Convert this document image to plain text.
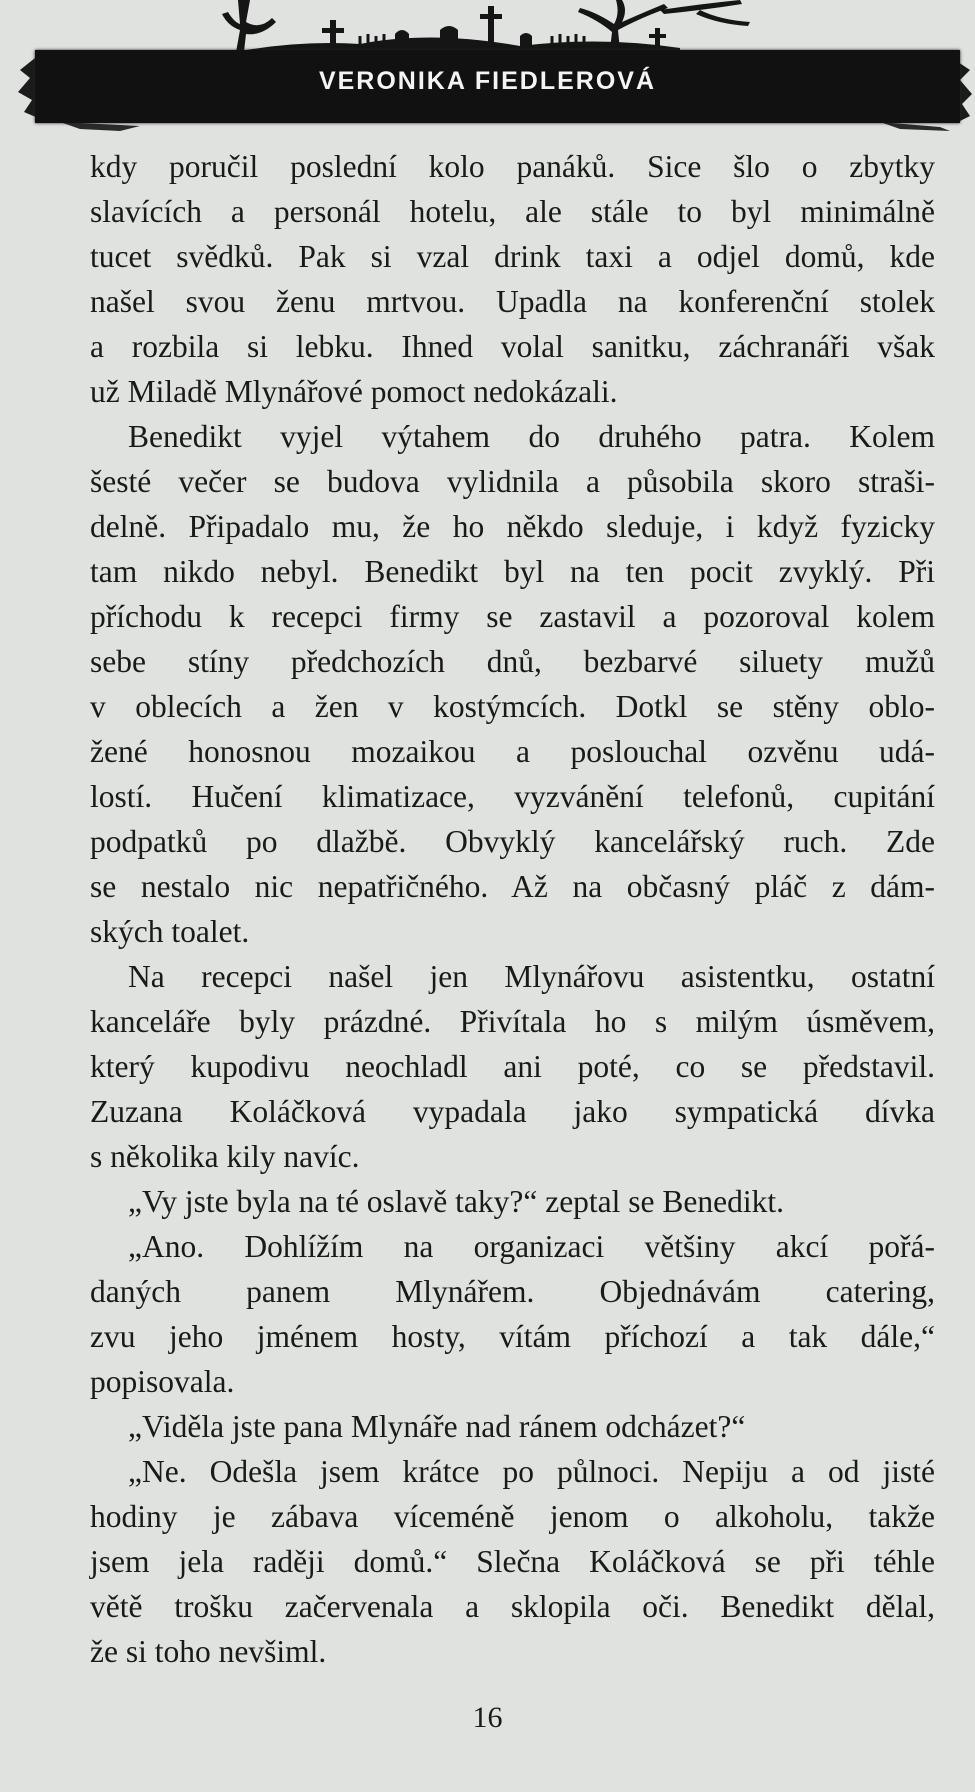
VERONIKA FIEDLEROVÁ
kdy poručil poslední kolo panáků. Sice šlo o zbytky
slavících a personál hotelu, ale stále to byl minimálně
tucet svědků. Pak si vzal drink taxi a odjel domů, kde
našel svou ženu mrtvou. Upadla na konferenční stolek
a rozbila si lebku. Ihned volal sanitku, záchranáři však
už Miladě Mlynářové pomoct nedokázali.
Benedikt vyjel výtahem do druhého patra. Kolem
šesté večer se budova vylidnila a působila skoro straši-
delně. Připadalo mu, že ho někdo sleduje, i když fyzicky
tam nikdo nebyl. Benedikt byl na ten pocit zvyklý. Při
příchodu k recepci firmy se zastavil a pozoroval kolem
sebe stíny předchozích dnů, bezbarvé siluety mužů
v oblecích a žen v kostýmcích. Dotkl se stěny oblo-
žené honosnou mozaikou a poslouchal ozvěnu udá-
lostí. Hučení klimatizace, vyzvánění telefonů, cupitání
podpatků po dlažbě. Obvyklý kancelářský ruch. Zde
se nestalo nic nepatřičného. Až na občasný pláč z dám-
ských toalet.
Na recepci našel jen Mlynářovu asistentku, ostatní
kanceláře byly prázdné. Přivítala ho s milým úsměvem,
který kupodivu neochladl ani poté, co se představil.
Zuzana Koláčková vypadala jako sympatická dívka
s několika kily navíc.
„Vy jste byla na té oslavě taky?“ zeptal se Benedikt.
„Ano. Dohlížím na organizaci většiny akcí pořá-
daných panem Mlynářem. Objednávám catering,
zvu jeho jménem hosty, vítám příchozí a tak dále,“
popisovala.
„Viděla jste pana Mlynáře nad ránem odcházet?“
„Ne. Odešla jsem krátce po půlnoci. Nepiju a od jisté
hodiny je zábava víceméně jenom o alkoholu, takže
jsem jela raději domů.“ Slečna Koláčková se při téhle
větě trošku začervenala a sklopila oči. Benedikt dělal,
že si toho nevšiml.
16
